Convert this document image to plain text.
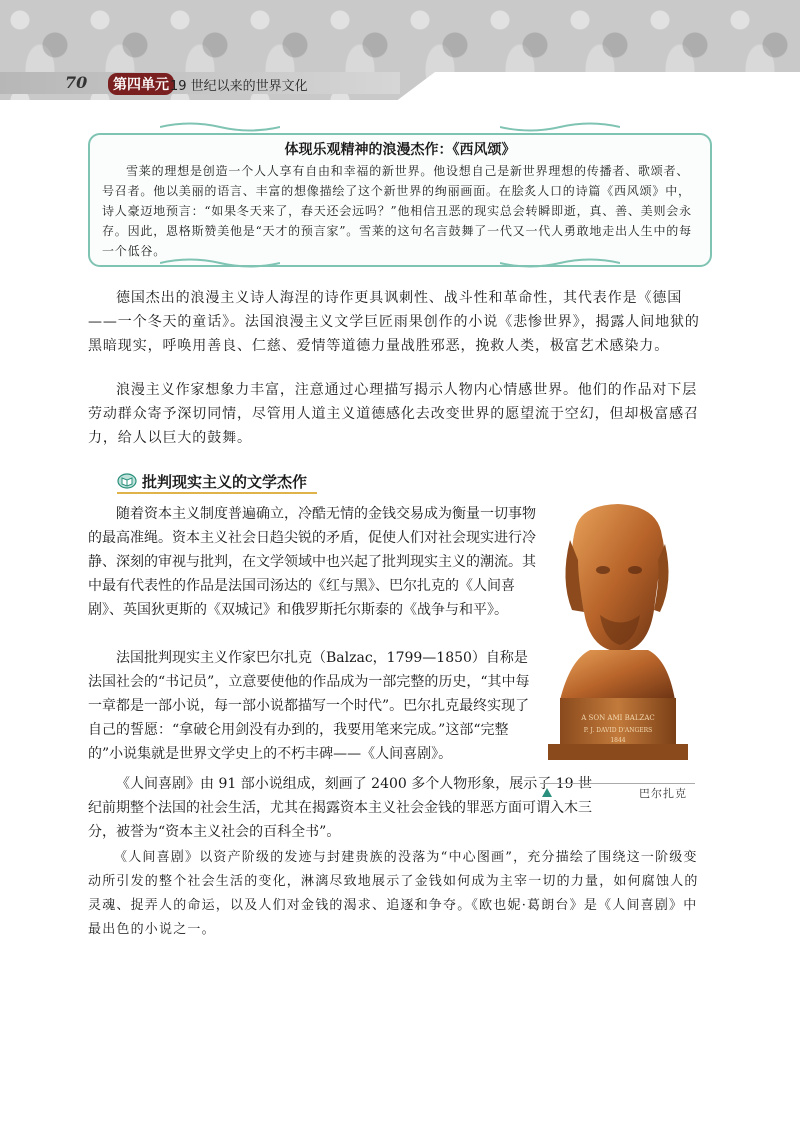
70	第四单元 19 世纪以来的世界文化
体现乐观精神的浪漫杰作：《西风颂》
雪莱的理想是创造一个人人享有自由和幸福的新世界。他设想自己是新世界理想的传播者、歌颂者、号召者。他以美丽的语言、丰富的想像描绘了这个新世界的绚丽画面。在脍炙人口的诗篇《西风颂》中，诗人豪迈地预言：“如果冬天来了，春天还会远吗？”他相信丑恶的现实总会转瞬即逝，真、善、美则会永存。因此，恩格斯赞美他是“天才的预言家”。雪莱的这句名言鼓舞了一代又一代人勇敢地走出人生中的每一个低谷。

德国杰出的浪漫主义诗人海涅的诗作更具讽刺性、战斗性和革命性，其代表作是《德国——一个冬天的童话》。法国浪漫主义文学巨匠雨果创作的小说《悲惨世界》，揭露人间地狱的黑暗现实，呼唤用善良、仁慈、爱情等道德力量战胜邪恶，挽救人类，极富艺术感染力。

浪漫主义作家想象力丰富，注意通过心理描写揭示人物内心情感世界。他们的作品对下层劳动群众寄予深切同情，尽管用人道主义道德感化去改变世界的愿望流于空幻，但却极富感召力，给人以巨大的鼓舞。

批判现实主义的文学杰作

随着资本主义制度普遍确立，冷酷无情的金钱交易成为衡量一切事物的最高准绳。资本主义社会日趋尖锐的矛盾，促使人们对社会现实进行冷静、深刻的审视与批判，在文学领域中也兴起了批判现实主义的潮流。其中最有代表性的作品是法国司汤达的《红与黑》、巴尔扎克的《人间喜剧》、英国狄更斯的《双城记》和俄罗斯托尔斯泰的《战争与和平》。

法国批判现实主义作家巴尔扎克（Balzac，1799—1850）自称是法国社会的“书记员”，立意要使他的作品成为一部完整的历史，“其中每一章都是一部小说，每一部小说都描写一个时代”。巴尔扎克最终实现了自己的誓愿：“拿破仑用剑没有办到的，我要用笔来完成。”这部“完整的”小说集就是世界文学史上的不朽丰碑——《人间喜剧》。

《人间喜剧》由 91 部小说组成，刻画了 2400 多个人物形象，展示了 19 世纪前期整个法国的社会生活，尤其在揭露资本主义社会金钱的罪恶方面可谓入木三分，被誉为“资本主义社会的百科全书”。

《人间喜剧》以资产阶级的发迹与封建贵族的没落为“中心图画”，充分描绘了围绕这一阶级变动所引发的整个社会生活的变化，淋漓尽致地展示了金钱如何成为主宰一切的力量，如何腐蚀人的灵魂、捉弄人的命运，以及人们对金钱的渴求、追逐和争夺。《欧也妮·葛朗台》是《人间喜剧》中最出色的小说之一。

A SON AMI BALZAC
P. J. DAVID D'ANGERS
1844
巴尔扎克
